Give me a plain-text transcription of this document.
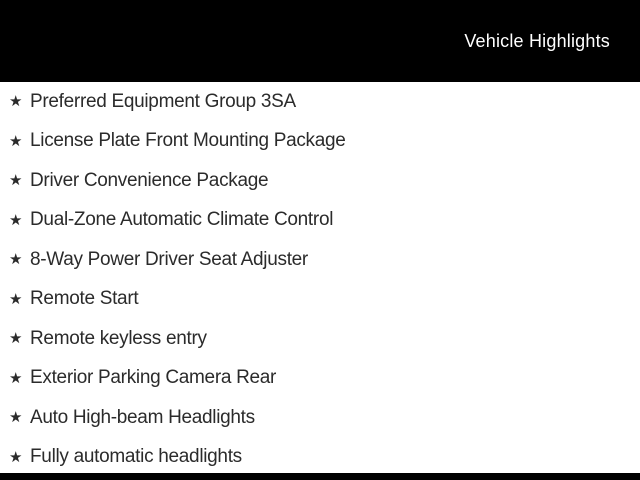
Vehicle Highlights
★ Preferred Equipment Group 3SA
★ License Plate Front Mounting Package
★ Driver Convenience Package
★ Dual-Zone Automatic Climate Control
★ 8-Way Power Driver Seat Adjuster
★ Remote Start
★ Remote keyless entry
★ Exterior Parking Camera Rear
★ Auto High-beam Headlights
★ Fully automatic headlights
